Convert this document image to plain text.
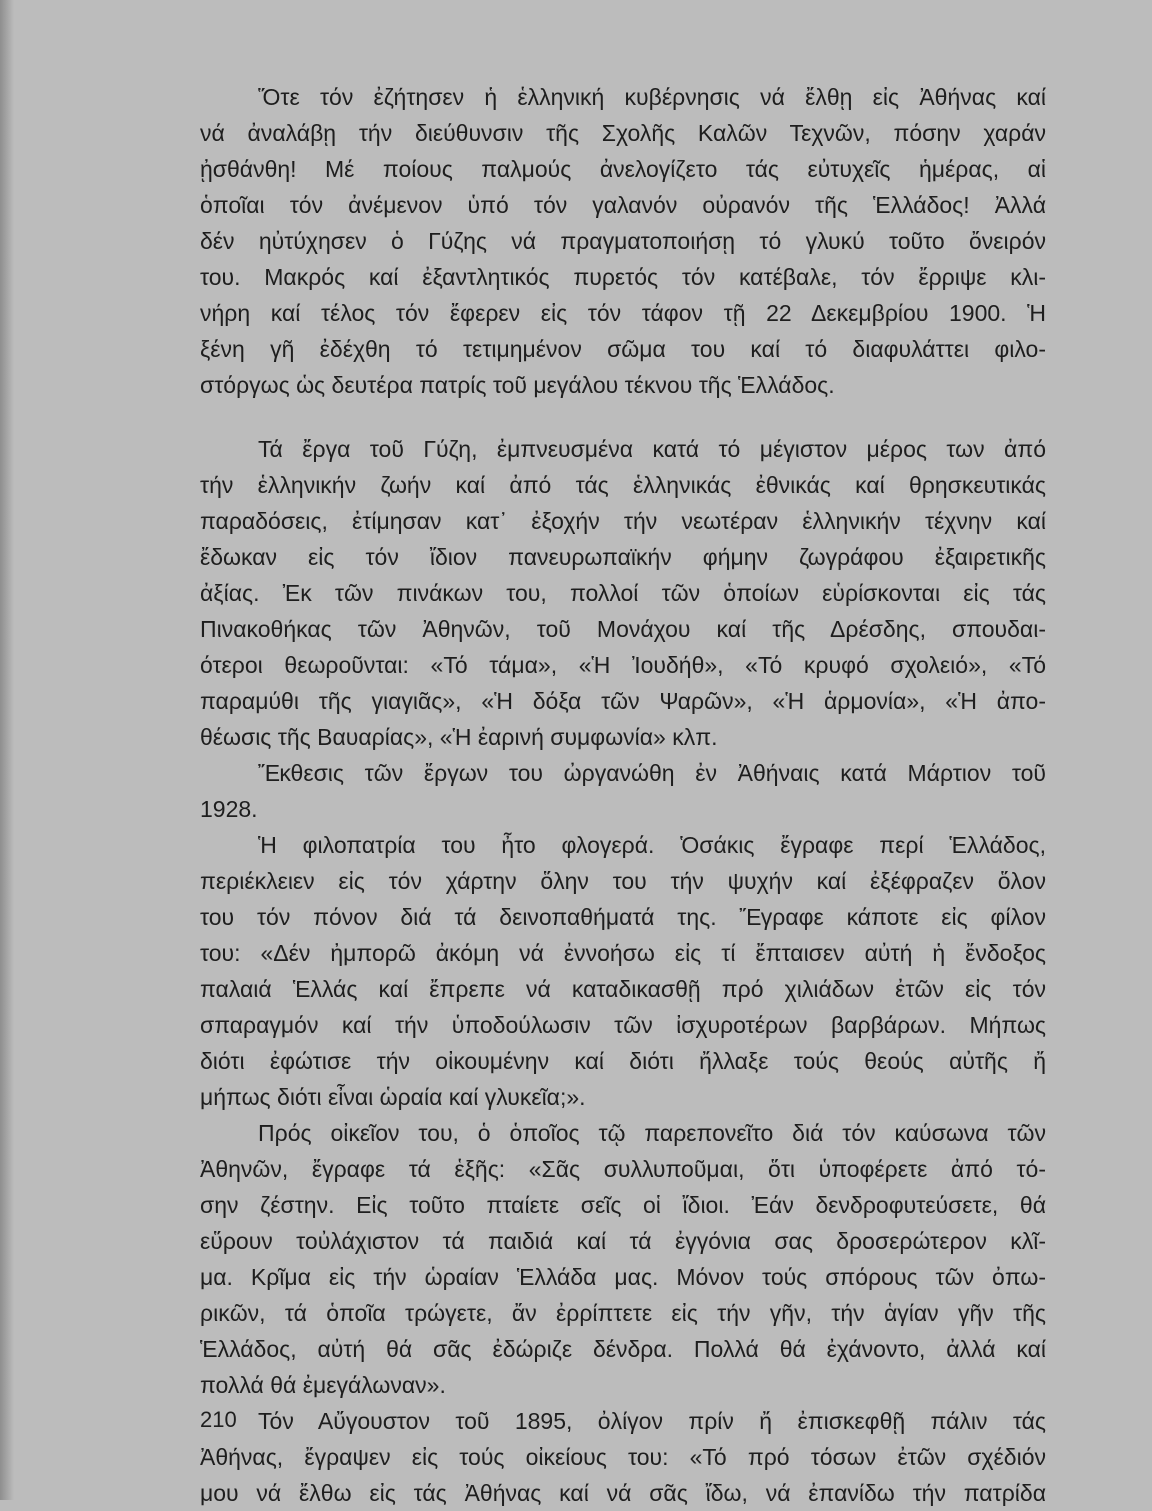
Ὅτε τόν ἐζήτησεν ἡ ἑλληνική κυβέρνησις νά ἔλθῃ εἰς Ἀθήνας καί
νά ἀναλάβῃ τήν διεύθυνσιν τῆς Σχολῆς Καλῶν Τεχνῶν, πόσην χαράν
ᾐσθάνθη! Μέ ποίους παλμούς ἀνελογίζετο τάς εὐτυχεῖς ἡμέρας, αἱ
ὁποῖαι τόν ἀνέμενον ὑπό τόν γαλανόν οὐρανόν τῆς Ἑλλάδος! Ἀλλά
δέν ηὐτύχησεν ὁ Γύζης νά πραγματοποιήσῃ τό γλυκύ τοῦτο ὄνειρόν
του. Μακρός καί ἐξαντλητικός πυρετός τόν κατέβαλε, τόν ἔρριψε κλι-
νήρη καί τέλος τόν ἔφερεν εἰς τόν τάφον τῇ 22 Δεκεμβρίου 1900. Ἡ
ξένη γῆ ἐδέχθη τό τετιμημένον σῶμα του καί τό διαφυλάττει φιλο-
στόργως ὡς δευτέρα πατρίς τοῦ μεγάλου τέκνου τῆς Ἑλλάδος.
Τά ἔργα τοῦ Γύζη, ἐμπνευσμένα κατά τό μέγιστον μέρος των ἀπό
τήν ἑλληνικήν ζωήν καί ἀπό τάς ἑλληνικάς ἐθνικάς καί θρησκευτικάς
παραδόσεις, ἐτίμησαν κατ᾽ ἐξοχήν τήν νεωτέραν ἑλληνικήν τέχνην καί
ἔδωκαν εἰς τόν ἴδιον πανευρωπαϊκήν φήμην ζωγράφου ἐξαιρετικῆς
ἀξίας. Ἐκ τῶν πινάκων του, πολλοί τῶν ὁποίων εὑρίσκονται εἰς τάς
Πινακοθήκας τῶν Ἀθηνῶν, τοῦ Μονάχου καί τῆς Δρέσδης, σπουδαι-
ότεροι θεωροῦνται: «Τό τάμα», «Ἡ Ἰουδήθ», «Τό κρυφό σχολειό», «Τό
παραμύθι τῆς γιαγιᾶς», «Ἡ δόξα τῶν Ψαρῶν», «Ἡ ἁρμονία», «Ἡ ἀπο-
θέωσις τῆς Βαυαρίας», «Ἡ ἐαρινή συμφωνία» κλπ.
Ἔκθεσις τῶν ἔργων του ὠργανώθη ἐν Ἀθήναις κατά Μάρτιον τοῦ
1928.
Ἡ φιλοπατρία του ἦτο φλογερά. Ὁσάκις ἔγραφε περί Ἑλλάδος,
περιέκλειεν εἰς τόν χάρτην ὅλην του τήν ψυχήν καί ἐξέφραζεν ὅλον
του τόν πόνον διά τά δεινοπαθήματά της. Ἔγραφε κάποτε εἰς φίλον
του: «Δέν ἠμπορῶ ἀκόμη νά ἐννοήσω εἰς τί ἔπταισεν αὐτή ἡ ἔνδοξος
παλαιά Ἑλλάς καί ἔπρεπε νά καταδικασθῇ πρό χιλιάδων ἐτῶν εἰς τόν
σπαραγμόν καί τήν ὑποδούλωσιν τῶν ἰσχυροτέρων βαρβάρων. Μήπως
διότι ἐφώτισε τήν οἰκουμένην καί διότι ἤλλαξε τούς θεούς αὐτῆς ἤ
μήπως διότι εἶναι ὡραία καί γλυκεῖα;».
Πρός οἰκεῖον του, ὁ ὁποῖος τῷ παρεπονεῖτο διά τόν καύσωνα τῶν
Ἀθηνῶν, ἔγραφε τά ἑξῆς: «Σᾶς συλλυποῦμαι, ὅτι ὑποφέρετε ἀπό τό-
σην ζέστην. Εἰς τοῦτο πταίετε σεῖς οἱ ἴδιοι. Ἐάν δενδροφυτεύσετε, θά
εὕρουν τοὐλάχιστον τά παιδιά καί τά ἐγγόνια σας δροσερώτερον κλῖ-
μα. Κρῖμα εἰς τήν ὡραίαν Ἑλλάδα μας. Μόνον τούς σπόρους τῶν ὀπω-
ρικῶν, τά ὁποῖα τρώγετε, ἄν ἐρρίπτετε εἰς τήν γῆν, τήν ἁγίαν γῆν τῆς
Ἑλλάδος, αὐτή θά σᾶς ἐδώριζε δένδρα. Πολλά θά ἐχάνοντο, ἀλλά καί
πολλά θά ἐμεγάλωναν».
Τόν Αὔγουστον τοῦ 1895, ὀλίγον πρίν ἤ ἐπισκεφθῇ πάλιν τάς
Ἀθήνας, ἔγραψεν εἰς τούς οἰκείους του: «Τό πρό τόσων ἐτῶν σχέδιόν
μου νά ἔλθω εἰς τάς Ἀθήνας καί νά σᾶς ἴδω, νά ἐπανίδω τήν πατρίδα
210
